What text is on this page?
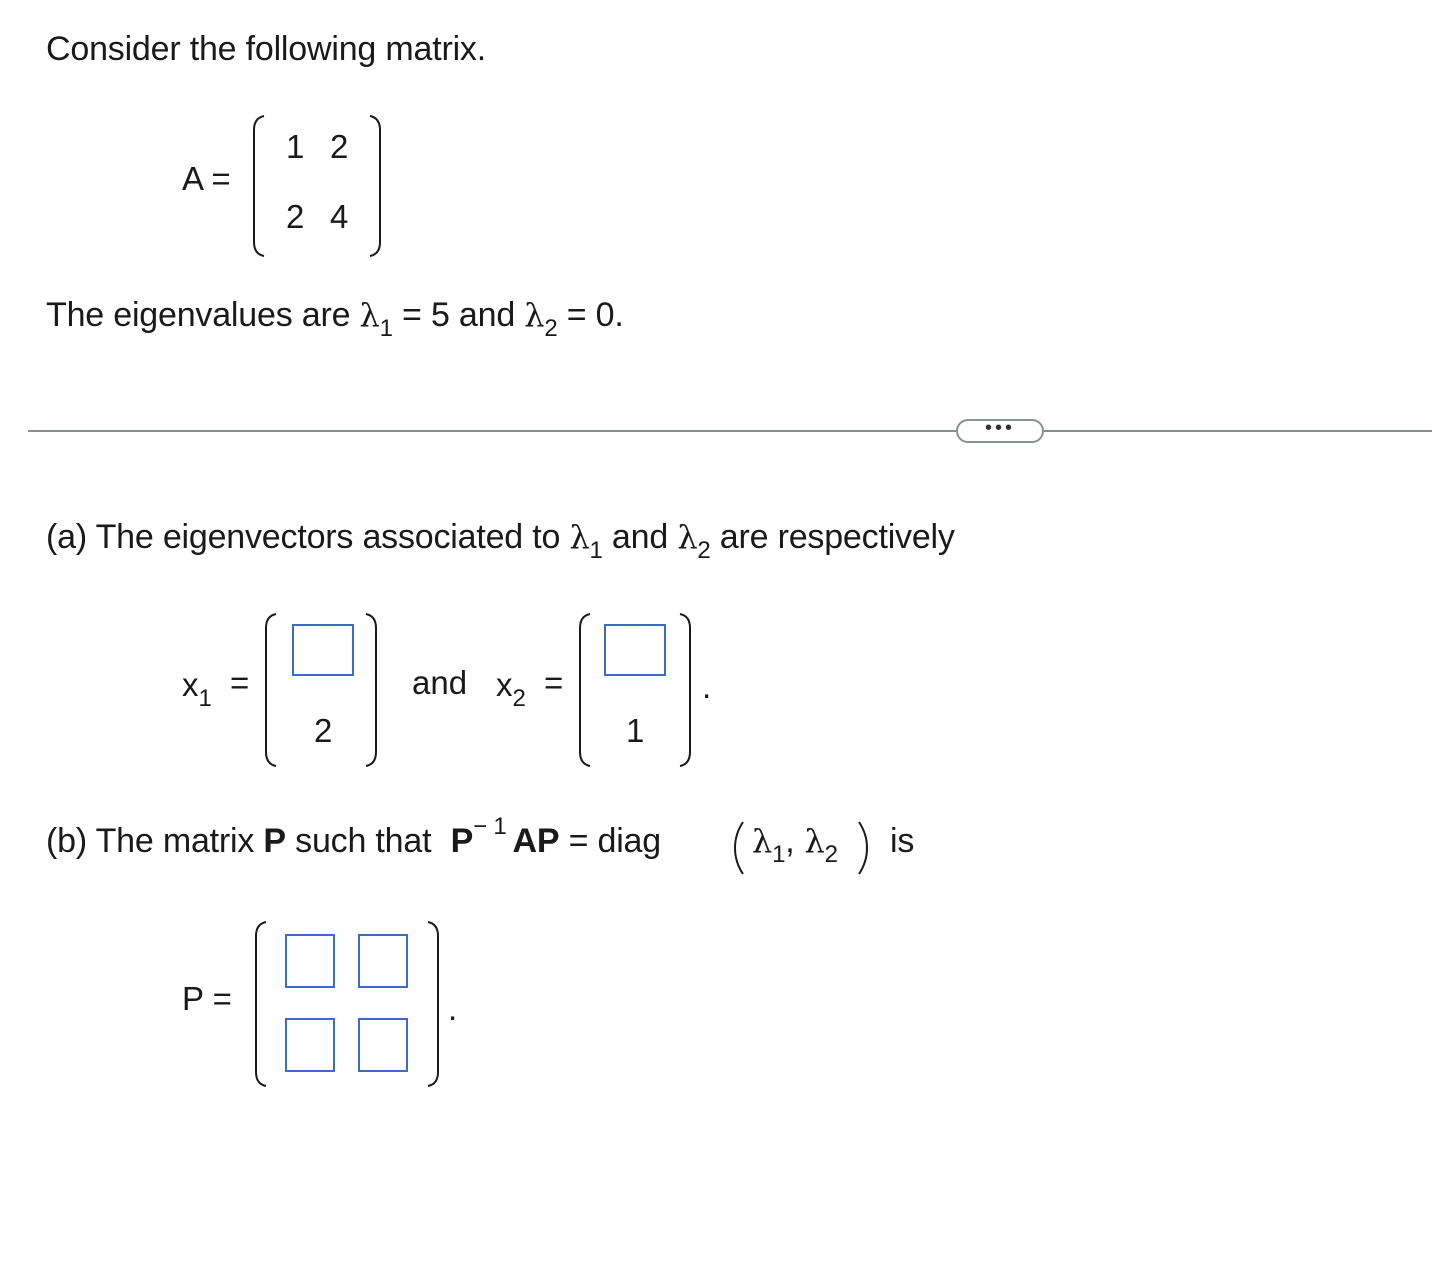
Consider the following matrix.
A =
1 2
2 4
The eigenvalues are $\lambda_1 = 5$ and $\lambda_2 = 0$.
•••
(a) The eigenvectors associated to $\lambda_1$ and $\lambda_2$ are respectively
$x_1$ =
2
and $x_2$ =
1
.
(b) The matrix P such that $P^{- 1}$ AP = diag	$\lambda_1$, $\lambda_2$ is
P =	.
